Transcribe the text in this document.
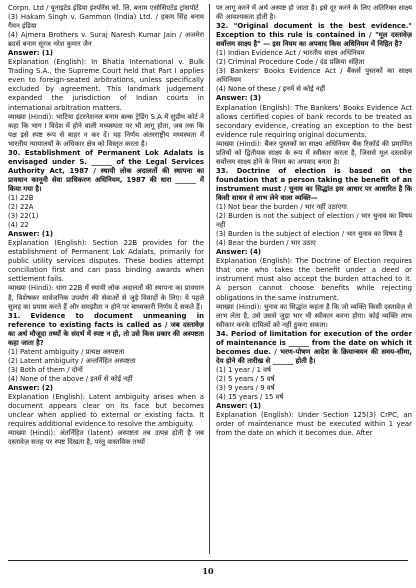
Corpn. Ltd / यूनाइटेड इंडिया इंश्योरेंस को. लि. बनाम एसोसिएटेड ट्रांसपोर्ट

(3) Hakam Singh v. Gammon (India) Ltd. / हकम सिंह बनाम गैमन इंडिया

(4) Ajmera Brothers v. Suraj Naresh Kumar Jain / अजमेरा ब्रदर्स बनाम सूरज नरेश कुमार जैन

Answer: (1)

Explanation (English): In Bhatia International v. Bulk Trading S.A., the Supreme Court held that Part I applies even to foreign-seated arbitrations, unless specifically excluded by agreement. This landmark judgement expanded the jurisdiction of Indian courts in international arbitration matters.

व्याख्या (Hindi): भाटिया इंटरनेशनल बनाम बल्क ट्रेडिंग S.A में सुप्रीम कोर्ट ने कहा कि भाग I विदेश में होने वाली मध्यस्थता पर भी लागू होता, जब तक कि पक्ष इसे स्पष्ट रूप से बाहर न कर दें। यह निर्णय अंतरराष्ट्रीय मध्यस्थता में भारतीय न्यायालयों के अधिकार क्षेत्र को विस्तृत करता है।

30. Establishment of Permanent Lok Adalats is envisaged under S. ______ of the Legal Services Authority Act, 1987 / स्थायी लोक अदालतों की स्थापना का प्रावधान कानूनी सेवा प्राधिकरण अधिनियम, 1987 की धारा ______ में किया गया है।

(1) 22B

(2) 22A

(3) 22(1)

(4) 22

Answer: (1)

Explanation (English): Section 22B provides for the establishment of Permanent Lok Adalats, primarily for public utility services disputes. These bodies attempt conciliation first and can pass binding awards when settlement fails.

व्याख्या (Hindi): धारा 22B में स्थायी लोक अदालतों की स्थापना का प्रावधान है, विशेषकर सार्वजनिक उपयोग की सेवाओं से जुड़े विवादों के लिए। ये पहले सुलह का प्रयास करते हैं और समझौता न होने पर बाध्यकारी निर्णय दे सकते हैं।

31. Evidence to document unmeaning in reference to existing facts is called as / जब दस्तावेज़ का अर्थ मौजूदा तथ्यों के संदर्भ में स्पष्ट न हो, तो उसे किस प्रकार की अस्पष्टता कहा जाता है?

(1) Patent ambiguity / प्रत्यक्ष अस्पष्टता

(2) Latent ambiguity / अन्तर्निहित अस्पष्टता

(3) Both of them / दोनों

(4) None of the above / इनमें से कोई नहीं

Answer: (2)

Explanation (English): Latent ambiguity arises when a document appears clear on its face but becomes unclear when applied to external or existing facts. It requires additional evidence to resolve the ambiguity.

व्याख्या (Hindi): अंतर्निहित (latent) अस्पष्टता तब उत्पन्न होती है जब दस्तावेज़ सतह पर स्पष्ट दिखता है, परंतु वास्तविक तथ्यों

पर लागू करने में अर्थ अस्पष्ट हो जाता है। इसे दूर करने के लिए अतिरिक्त साक्ष्य की आवश्यकता होती है।

32. "Original document is the best evidence." Exception to this rule is contained in / "मूल दस्तावेज़ सर्वोत्तम साक्ष्य है" — इस नियम का अपवाद किस अधिनियम में निहित है?

(1) Indian Evidence Act / भारतीय साक्ष्य अधिनियम

(2) Criminal Procedure Code / दंड प्रक्रिया संहिता

(3) Bankers' Books Evidence Act / बैंकर्स पुस्तकों का साक्ष्य अधिनियम

(4) None of these / इनमें से कोई नहीं

Answer: (3)

Explanation (English): The Bankers' Books Evidence Act allows certified copies of bank records to be treated as secondary evidence, creating an exception to the best evidence rule requiring original documents.

व्याख्या (Hindi): बैंकर पुस्तकों का साक्ष्य अधिनियम बैंक रिकॉर्ड की प्रमाणित प्रतियों को द्वितीयक साक्ष्य के रूप में स्वीकार करता है, जिससे मूल दस्तावेज़ सर्वोत्तम साक्ष्य होने के नियम का अपवाद बनता है।

33. Doctrine of election is based on the foundation that a person taking the benefit of an instrument must / चुनाव का सिद्धांत इस आधार पर आधारित है कि किसी साधन से लाभ लेने वाला व्यक्ति—

(1) Not bear the burden / भार नहीं उठाएगा

(2) Burden is not the subject of election / भार चुनाव का विषय नहीं

(3) Burden is the subject of election / भार चुनाव का विषय है

(4) Bear the burden / भार उठाए

Answer: (4)

Explanation (English): The Doctrine of Election requires that one who takes the benefit under a deed or instrument must also accept the burden attached to it. A person cannot choose benefits while rejecting obligations in the same instrument.

व्याख्या (Hindi): चुनाव का सिद्धांत कहता है कि जो व्यक्ति किसी दस्तावेज़ से लाभ लेता है, उसे उससे जुड़ा भार भी स्वीकार करना होगा। कोई व्यक्ति लाभ स्वीकार करके दायित्वों को नहीं ठुकरा सकता।

34. Period of limitation for execution of the order of maintenance is ______ from the date on which it becomes due. / भरण-पोषण आदेश के क्रियान्वयन की समय-सीमा, देय होने की तारीख से ______ होती है।

(1) 1 year / 1 वर्ष

(2) 5 years / 5 वर्ष

(3) 9 years / 9 वर्ष

(4) 15 years / 15 वर्ष

Answer: (1)

Explanation (English): Under Section 125(3) CrPC, an order of maintenance must be executed within 1 year from the date on which it becomes due. After

10
